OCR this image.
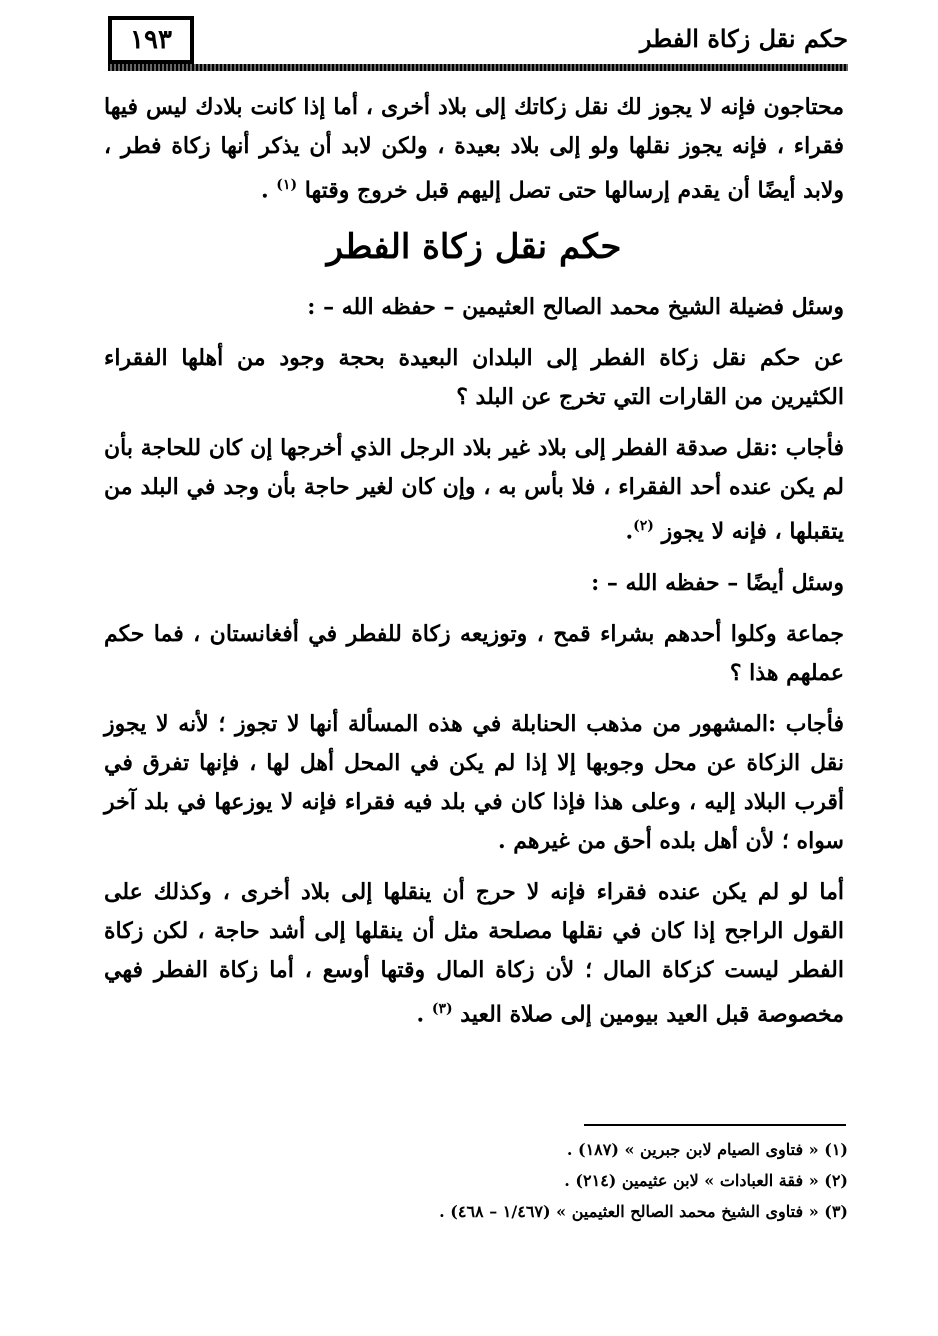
حكم نقل زكاة الفطر
١٩٣

محتاجون فإنه لا يجوز لك نقل زكاتك إلى بلاد أخرى ، أما إذا كانت بلادك ليس فيها فقراء ، فإنه يجوز نقلها ولو إلى بلاد بعيدة ، ولكن لابد أن يذكر أنها زكاة فطر ، ولابد أيضًا أن يقدم إرسالها حتى تصل إليهم قبل خروج وقتها $^{(١)}$ .

حكم نقل زكاة الفطر

وسئل فضيلة الشيخ محمد الصالح العثيمين – حفظه الله – :

عن حكم نقل زكاة الفطر إلى البلدان البعيدة بحجة وجود من أهلها الفقراء الكثيرين من القارات التي تخرج عن البلد ؟

فأجاب :نقل صدقة الفطر إلى بلاد غير بلاد الرجل الذي أخرجها إن كان للحاجة بأن لم يكن عنده أحد الفقراء ، فلا بأس به ، وإن كان لغير حاجة بأن وجد في البلد من يتقبلها ، فإنه لا يجوز $^{(٢)}$.

وسئل أيضًا – حفظه الله – :

جماعة وكلوا أحدهم بشراء قمح ، وتوزيعه زكاة للفطر في أفغانستان ، فما حكم عملهم هذا ؟

فأجاب :المشهور من مذهب الحنابلة في هذه المسألة أنها لا تجوز ؛ لأنه لا يجوز نقل الزكاة عن محل وجوبها إلا إذا لم يكن في المحل أهل لها ، فإنها تفرق في أقرب البلاد إليه ، وعلى هذا فإذا كان في بلد فيه فقراء فإنه لا يوزعها في بلد آخر سواه ؛ لأن أهل بلده أحق من غيرهم .

أما لو لم يكن عنده فقراء فإنه لا حرج أن ينقلها إلى بلاد أخرى ، وكذلك على القول الراجح إذا كان في نقلها مصلحة مثل أن ينقلها إلى أشد حاجة ، لكن زكاة الفطر ليست كزكاة المال ؛ لأن زكاة المال وقتها أوسع ، أما زكاة الفطر فهي مخصوصة قبل العيد بيومين إلى صلاة العيد $^{(٣)}$ .

(١) « فتاوى الصيام لابن جبرين » (١٨٧) .
(٢) « فقة العبادات » لابن عثيمين (٢١٤) .
(٣) « فتاوى الشيخ محمد الصالح العثيمين » (١/٤٦٧ – ٤٦٨) .
